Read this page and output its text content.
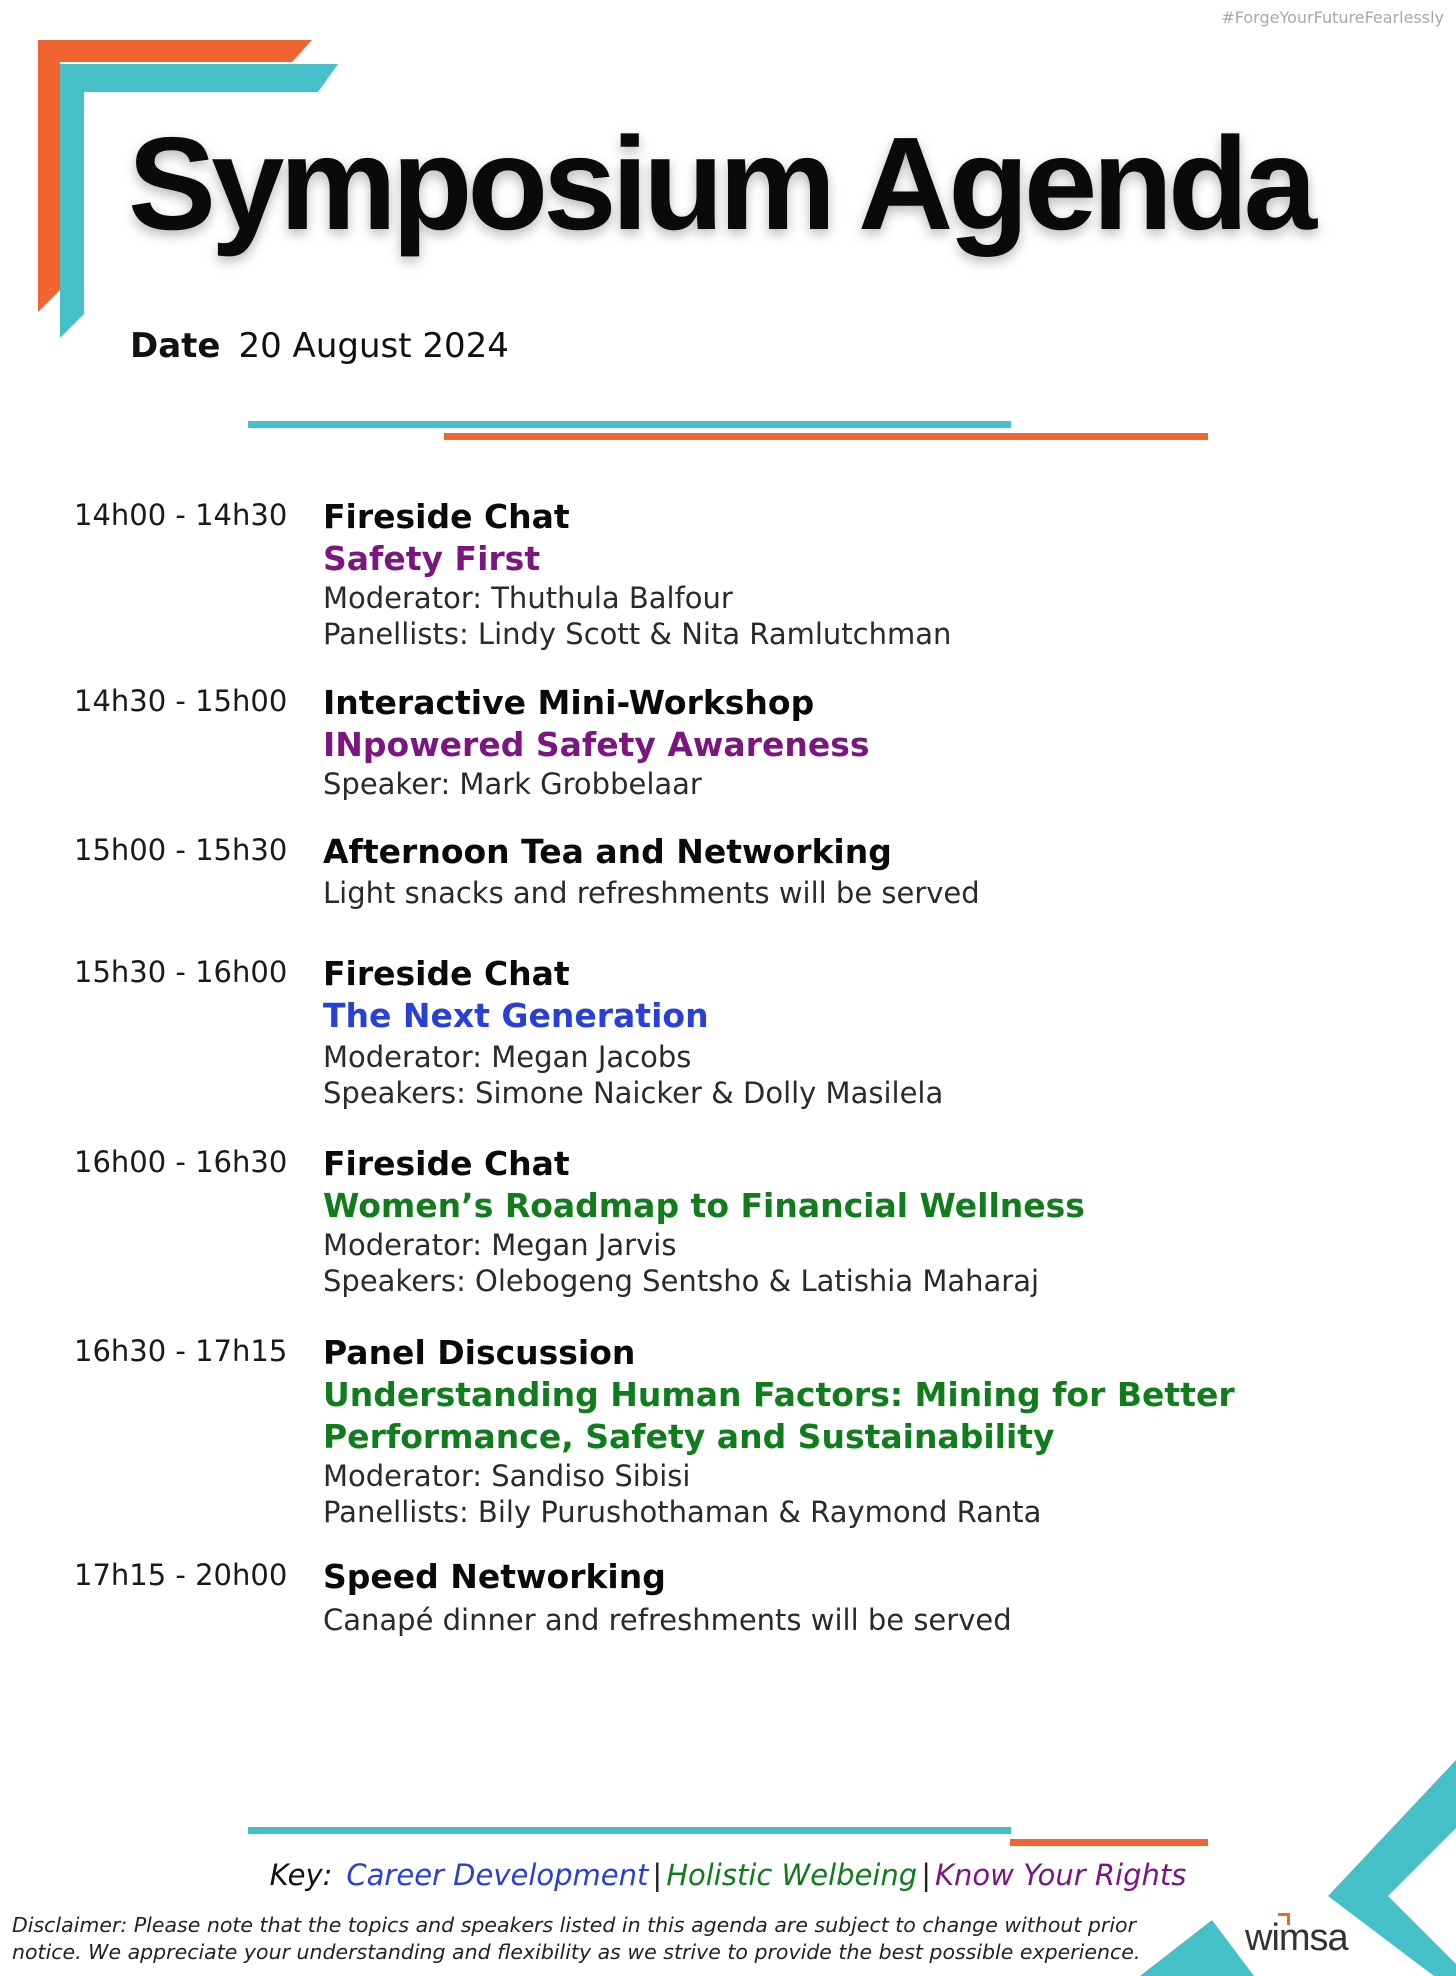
#ForgeYourFutureFearlessly
Symposium Agenda
Date 20 August 2024
14h00 - 14h30 Fireside Chat
Safety First
Moderator: Thuthula Balfour
Panellists: Lindy Scott & Nita Ramlutchman
14h30 - 15h00 Interactive Mini-Workshop
INpowered Safety Awareness
Speaker: Mark Grobbelaar
15h00 - 15h30 Afternoon Tea and Networking
Light snacks and refreshments will be served
15h30 - 16h00 Fireside Chat
The Next Generation
Moderator: Megan Jacobs
Speakers: Simone Naicker & Dolly Masilela
16h00 - 16h30 Fireside Chat
Women’s Roadmap to Financial Wellness
Moderator: Megan Jarvis
Speakers: Olebogeng Sentsho & Latishia Maharaj
16h30 - 17h15 Panel Discussion
Understanding Human Factors: Mining for Better Performance, Safety and Sustainability
Moderator: Sandiso Sibisi
Panellists: Bily Purushothaman & Raymond Ranta
17h15 - 20h00 Speed Networking
Canapé dinner and refreshments will be served
Key: Career Development | Holistic Welbeing | Know Your Rights
Disclaimer: Please note that the topics and speakers listed in this agenda are subject to change without prior notice. We appreciate your understanding and flexibility as we strive to provide the best possible experience.	wimsa
